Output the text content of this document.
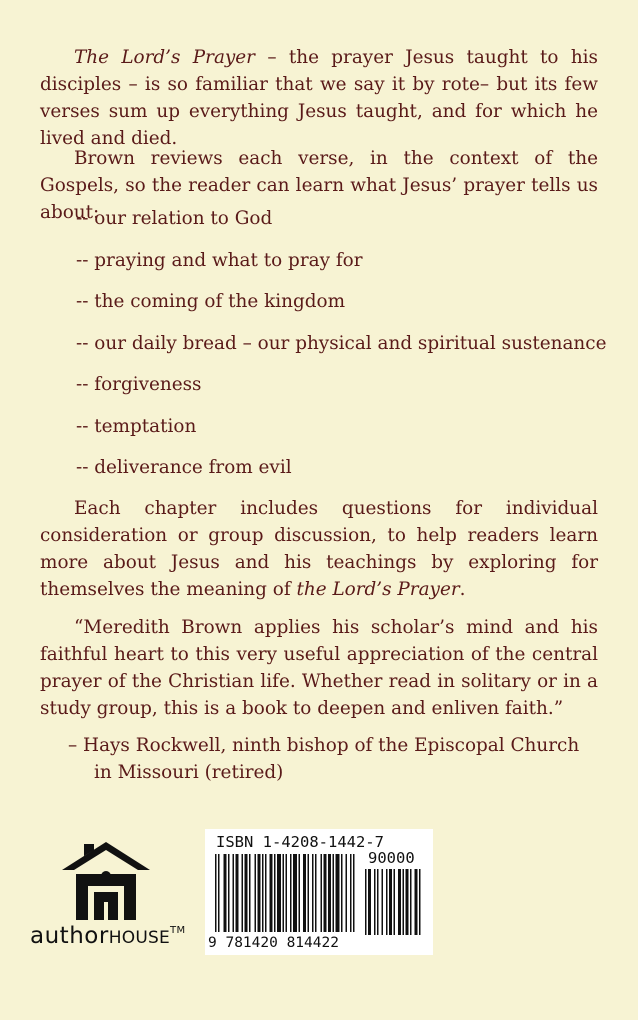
The Lord’s Prayer – the prayer Jesus taught to his disciples – is so familiar that we say it by rote– but its few verses sum up everything Jesus taught, and for which he lived and died.

Brown reviews each verse, in the context of the Gospels, so the reader can learn what Jesus’ prayer tells us about:

-- our relation to God
-- praying and what to pray for
-- the coming of the kingdom
-- our daily bread – our physical and spiritual sustenance
-- forgiveness
-- temptation
-- deliverance from evil

Each chapter includes questions for individual consideration or group discussion, to help readers learn more about Jesus and his teachings by exploring for themselves the meaning of the Lord’s Prayer.

“Meredith Brown applies his scholar’s mind and his faithful heart to this very useful appreciation of the central prayer of the Christian life. Whether read in solitary or in a study group, this is a book to deepen and enliven faith.”

– Hays Rockwell, ninth bishop of the Episcopal Church
in Missouri (retired)
authorHOUSE™
ISBN 1-4208-1442-7
90000
9 781420 814422
